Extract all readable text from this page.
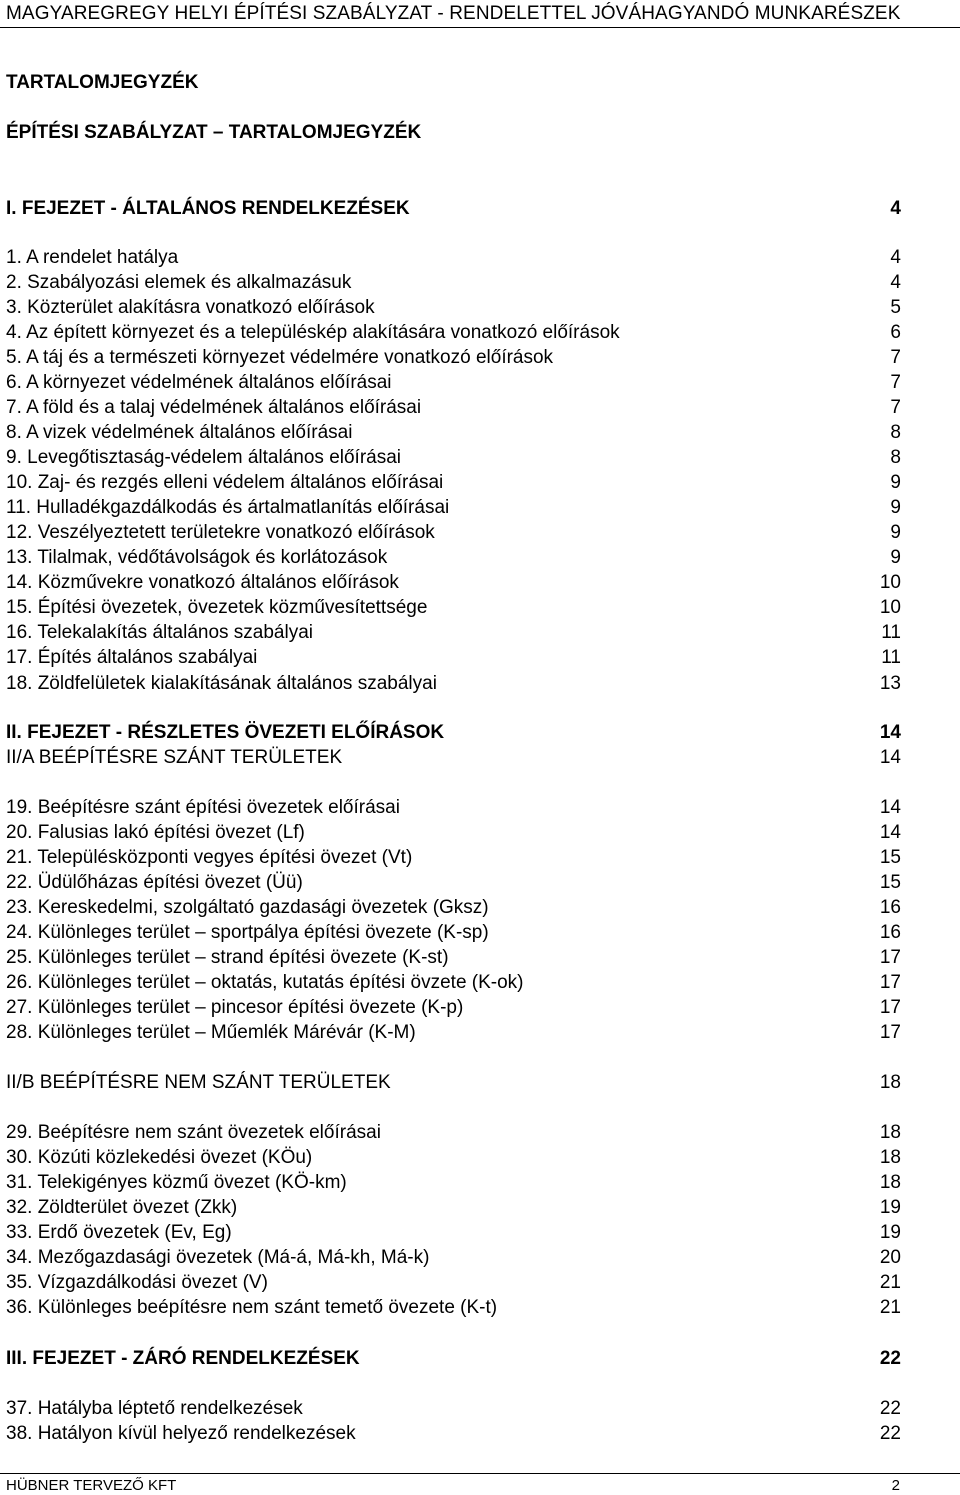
MAGYAREGREGY HELYI ÉPÍTÉSI SZABÁLYZAT - RENDELETTEL JÓVÁHAGYANDÓ MUNKARÉSZEK
TARTALOMJEGYZÉK
ÉPÍTÉSI SZABÁLYZAT – TARTALOMJEGYZÉK
I. FEJEZET - ÁLTALÁNOS RENDELKEZÉSEK	4
1. A rendelet hatálya	4
2. Szabályozási elemek és alkalmazásuk	4
3. Közterület alakításra vonatkozó előírások	5
4. Az épített környezet és a településkép alakítására vonatkozó előírások	6
5. A táj és a természeti környezet védelmére vonatkozó előírások	7
6. A környezet védelmének általános előírásai	7
7. A föld és a talaj védelmének általános előírásai	7
8. A vizek védelmének általános előírásai	8
9. Levegőtisztaság-védelem általános előírásai	8
10. Zaj- és rezgés elleni védelem általános előírásai	9
11. Hulladékgazdálkodás és ártalmatlanítás előírásai	9
12. Veszélyeztetett területekre vonatkozó előírások	9
13. Tilalmak, védőtávolságok és korlátozások	9
14. Közművekre vonatkozó általános előírások	10
15. Építési övezetek, övezetek közművesítettsége	10
16. Telekalakítás általános szabályai	11
17. Építés általános szabályai	11
18. Zöldfelületek kialakításának általános szabályai	13
II. FEJEZET - RÉSZLETES ÖVEZETI ELŐÍRÁSOK	14
II/A BEÉPÍTÉSRE SZÁNT TERÜLETEK	14
19. Beépítésre szánt építési övezetek előírásai	14
20. Falusias lakó építési övezet (Lf)	14
21. Településközponti vegyes építési övezet (Vt)	15
22. Üdülőházas építési övezet (Üü)	15
23. Kereskedelmi, szolgáltató gazdasági övezetek (Gksz)	16
24. Különleges terület – sportpálya építési övezete (K-sp)	16
25. Különleges terület – strand építési övezete (K-st)	17
26. Különleges terület – oktatás, kutatás építési övzete (K-ok)	17
27. Különleges terület – pincesor építési övezete (K-p)	17
28. Különleges terület – Műemlék Márévár (K-M)	17
II/B BEÉPÍTÉSRE NEM SZÁNT TERÜLETEK	18
29. Beépítésre nem szánt övezetek előírásai	18
30. Közúti közlekedési övezet (KÖu)	18
31. Telekigényes közmű övezet (KÖ-km)	18
32. Zöldterület övezet (Zkk)	19
33. Erdő övezetek (Ev, Eg)	19
34. Mezőgazdasági övezetek (Má-á, Má-kh, Má-k)	20
35. Vízgazdálkodási övezet (V)	21
36. Különleges beépítésre nem szánt temető övezete (K-t)	21
III. FEJEZET - ZÁRÓ RENDELKEZÉSEK	22
37. Hatályba léptető rendelkezések	22
38. Hatályon kívül helyező rendelkezések	22
HÜBNER TERVEZŐ KFT	2
